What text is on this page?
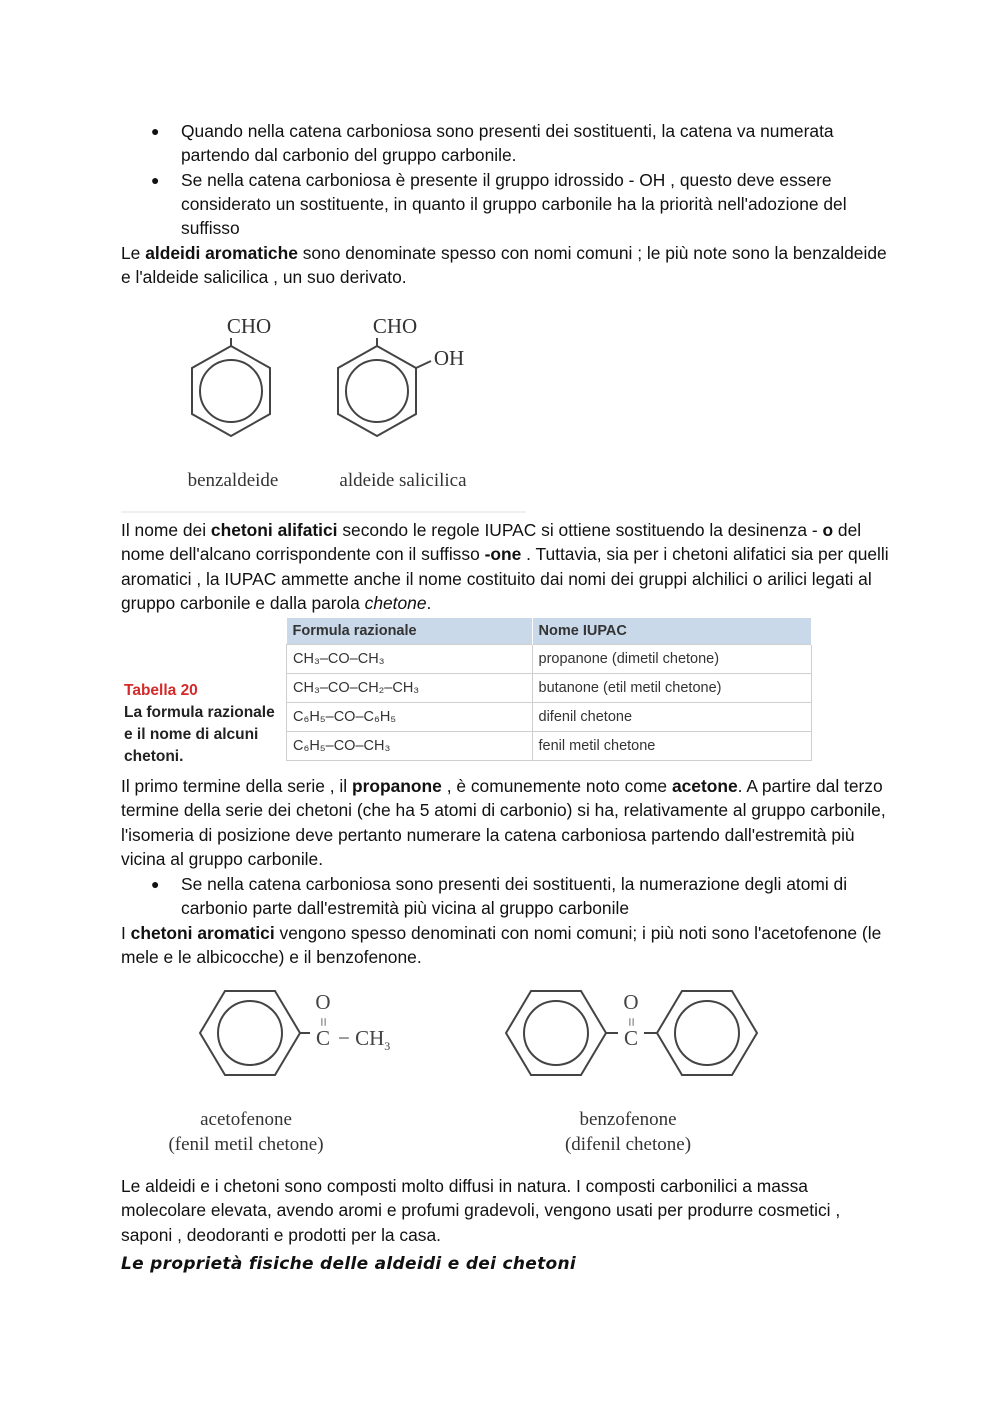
● Quando nella catena carboniosa sono presenti dei sostituenti, la catena va numerata partendo dal carbonio del gruppo carbonile.
● Se nella catena carboniosa è presente il gruppo idrossido - OH , questo deve essere considerato un sostituente, in quanto il gruppo carbonile ha la priorità nell'adozione del suffisso

Le aldeidi aromatiche sono denominate spesso con nomi comuni ; le più note sono la benzaldeide e l'aldeide salicilica , un suo derivato.

CHO
benzaldeide
CHO
OH
aldeide salicilica

Il nome dei chetoni alifatici secondo le regole IUPAC si ottiene sostituendo la desinenza - o del nome dell'alcano corrispondente con il suffisso -one . Tuttavia, sia per i chetoni alifatici sia per quelli aromatici , la IUPAC ammette anche il nome costituito dai nomi dei gruppi alchilici o arilici legati al gruppo carbonile e dalla parola chetone.

Tabella 20
La formula razionale e il nome di alcuni chetoni.
Formula razionale	Nome IUPAC
CH₃–CO–CH₃	propanone (dimetil chetone)
CH₃–CO–CH₂–CH₃	butanone (etil metil chetone)
C₆H₅–CO–C₆H₅	difenil chetone
C₆H₅–CO–CH₃	fenil metil chetone

Il primo termine della serie , il propanone , è comunemente noto come acetone. A partire dal terzo termine della serie dei chetoni (che ha 5 atomi di carbonio) si ha, relativamente al gruppo carbonile, l'isomeria di posizione deve pertanto numerare la catena carboniosa partendo dall'estremità più vicina al gruppo carbonile.

● Se nella catena carboniosa sono presenti dei sostituenti, la numerazione degli atomi di carbonio parte dall'estremità più vicina al gruppo carbonile

I chetoni aromatici vengono spesso denominati con nomi comuni; i più noti sono l'acetofenone (le mele e le albicocche) e il benzofenone.

O
=
$C - CH_3$
acetofenone
(fenil metil chetone)
O
=
C
benzofenone
(difenil chetone)

Le aldeidi e i chetoni sono composti molto diffusi in natura. I composti carbonilici a massa molecolare elevata, avendo aromi e profumi gradevoli, vengono usati per produrre cosmetici , saponi , deodoranti e prodotti per la casa.

Le proprietà fisiche delle aldeidi e dei chetoni
